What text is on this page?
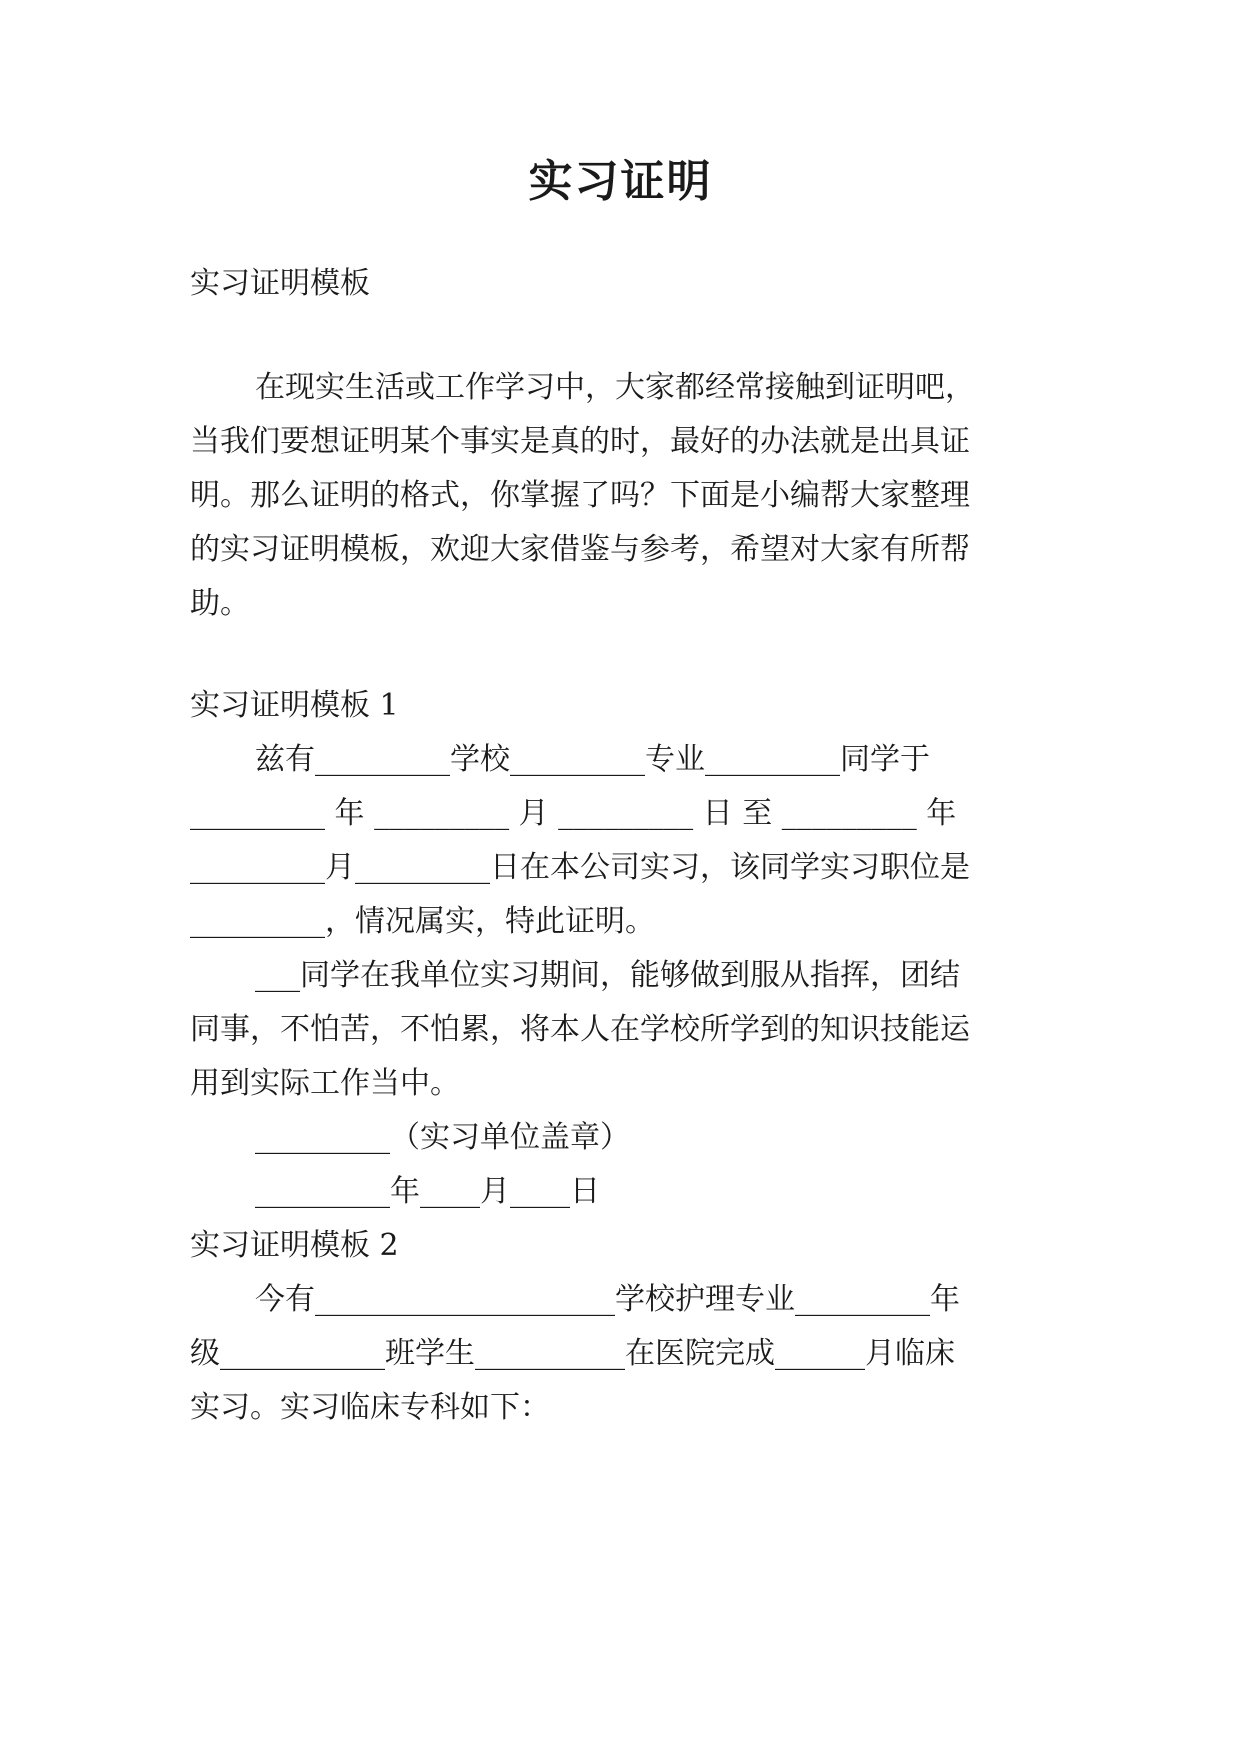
实习证明
实习证明模板
在现实生活或工作学习中，大家都经常接触到证明吧，
当我们要想证明某个事实是真的时，最好的办法就是出具证
明。那么证明的格式，你掌握了吗？下面是小编帮大家整理
的实习证明模板，欢迎大家借鉴与参考，希望对大家有所帮
助。
实习证明模板 1
兹有_________学校_________专业_________同学于
_________ 年 _________ 月 _________ 日 至 _________ 年
_________月_________日在本公司实习，该同学实习职位是
_________，情况属实，特此证明。
___同学在我单位实习期间，能够做到服从指挥，团结
同事，不怕苦，不怕累，将本人在学校所学到的知识技能运
用到实际工作当中。
_________（实习单位盖章）
_________年____月____日
实习证明模板 2
今有____________________学校护理专业_________年
级___________班学生__________在医院完成______月临床
实习。实习临床专科如下：
